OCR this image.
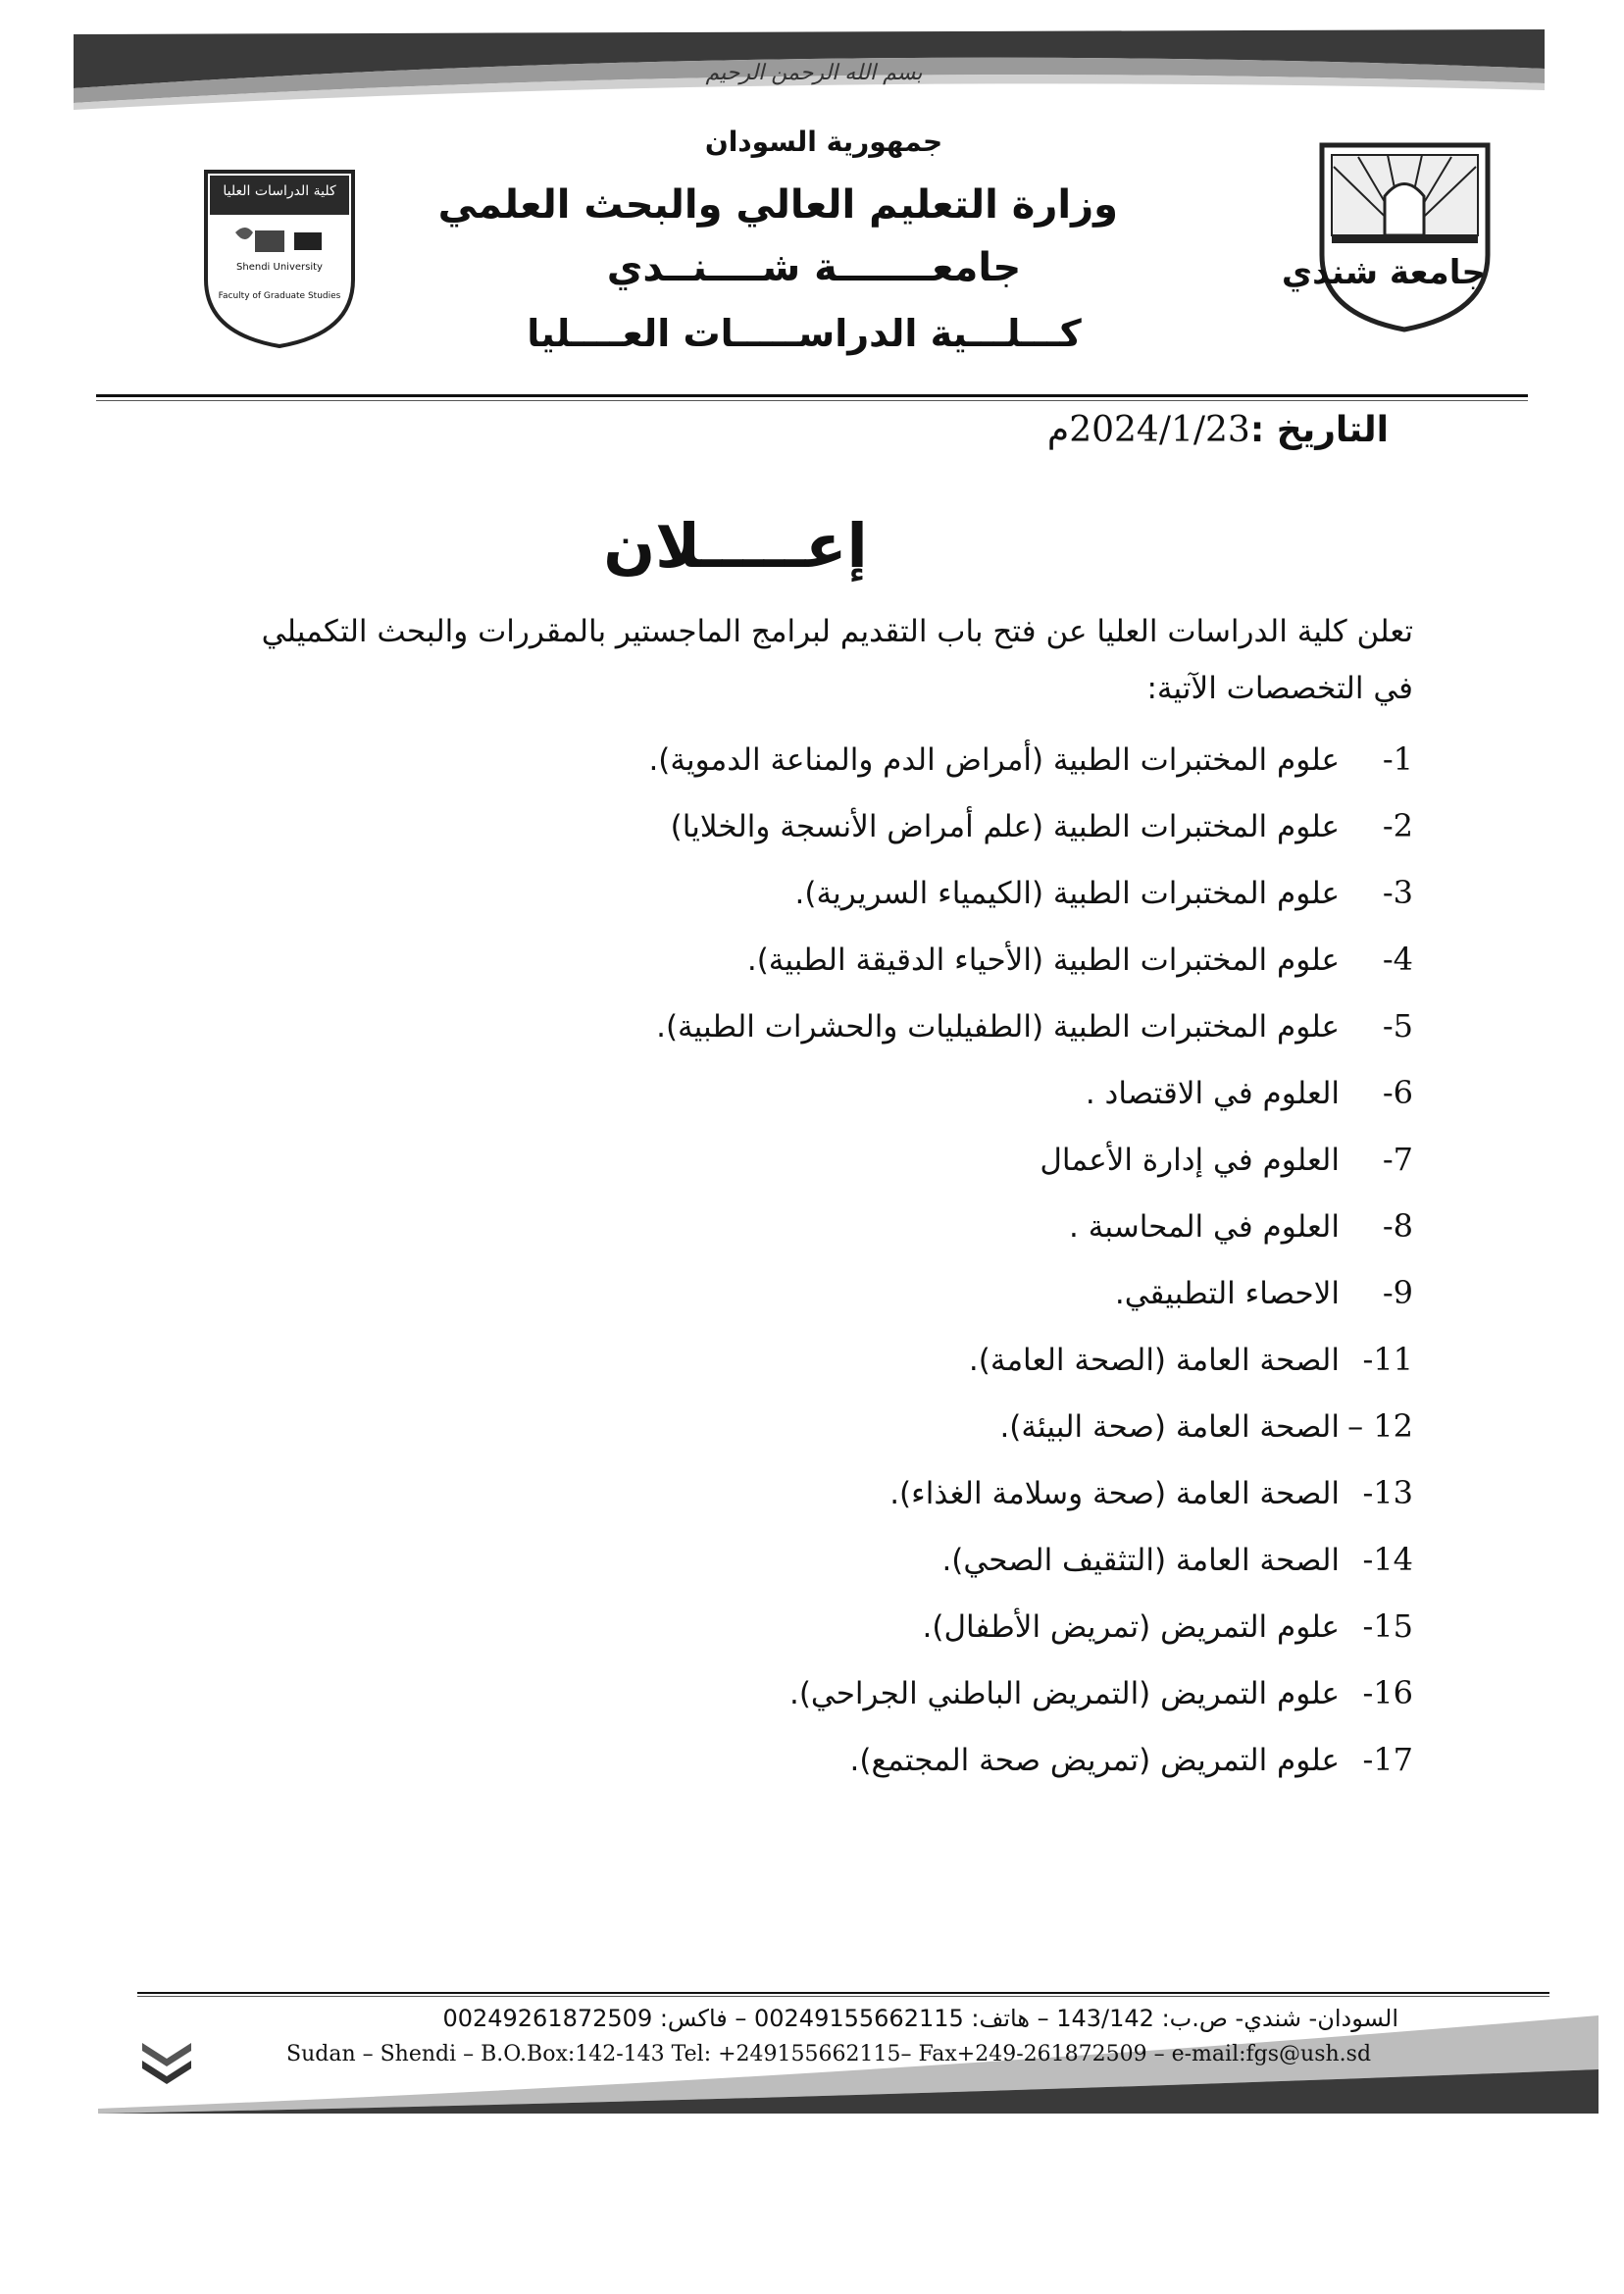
بسم الله الرحمن الرحيم
جمهورية السودان
وزارة التعليم العالي والبحث العلمي
جامعـــــــة شــــنــدي
كـــلـــية الدراســـــات العــــليا
كلية الدراسات العليا
Shendi University
Faculty of Graduate Studies
جامعة شندي
التاريخ :2024/1/23م
إعـــــلان
تعلن كلية الدراسات العليا عن فتح باب التقديم لبرامج الماجستير بالمقررات والبحث التكميلي في التخصصات الآتية:
1-علوم المختبرات الطبية (أمراض الدم والمناعة الدموية).
2-علوم المختبرات الطبية (علم أمراض الأنسجة والخلايا)
3-علوم المختبرات الطبية (الكيمياء السريرية).
4-علوم المختبرات الطبية (الأحياء الدقيقة الطبية).
5-علوم المختبرات الطبية (الطفيليات والحشرات الطبية).
6-العلوم في الاقتصاد .
7-العلوم في إدارة الأعمال
8-العلوم في المحاسبة .
9-الاحصاء التطبيقي.
11-الصحة العامة (الصحة العامة).
12 –الصحة العامة (صحة البيئة).
13-الصحة العامة (صحة وسلامة الغذاء).
14-الصحة العامة (التثقيف الصحي).
15-علوم التمريض (تمريض الأطفال).
16-علوم التمريض (التمريض الباطني الجراحي).
17-علوم التمريض (تمريض صحة المجتمع).
السودان- شندي- ص.ب: 143/142 – هاتف: 00249155662115 – فاكس: 00249261872509
Sudan – Shendi – B.O.Box:142-143 Tel: +249155662115– Fax+249-261872509 – e-mail:fgs@ush.sd
